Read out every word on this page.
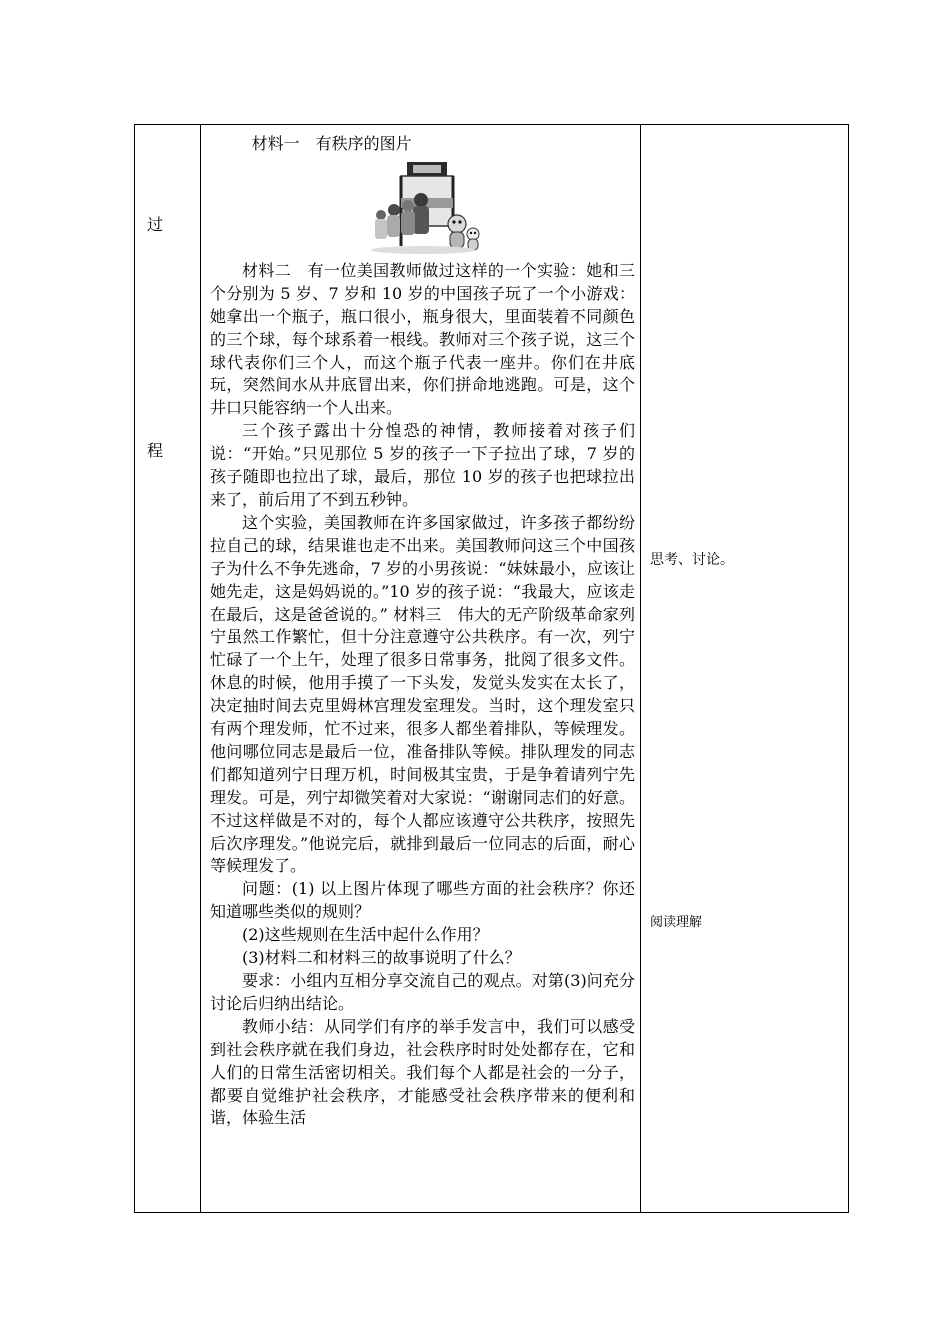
过
程

材料一　有秩序的图片

材料二　有一位美国教师做过这样的一个实验：她和三个分别为 5 岁、7 岁和 10 岁的中国孩子玩了一个小游戏：她拿出一个瓶子，瓶口很小，瓶身很大，里面装着不同颜色的三个球，每个球系着一根线。教师对三个孩子说，这三个球代表你们三个人，而这个瓶子代表一座井。你们在井底玩，突然间水从井底冒出来，你们拼命地逃跑。可是，这个井口只能容纳一个人出来。

三个孩子露出十分惶恐的神情，教师接着对孩子们说：“开始。”只见那位 5 岁的孩子一下子拉出了球，7 岁的孩子随即也拉出了球，最后，那位 10 岁的孩子也把球拉出来了，前后用了不到五秒钟。

这个实验，美国教师在许多国家做过，许多孩子都纷纷拉自己的球，结果谁也走不出来。美国教师问这三个中国孩子为什么不争先逃命，7 岁的小男孩说：“妹妹最小，应该让她先走，这是妈妈说的。”10 岁的孩子说：“我最大，应该走在最后，这是爸爸说的。” 材料三　伟大的无产阶级革命家列宁虽然工作繁忙，但十分注意遵守公共秩序。有一次，列宁忙碌了一个上午，处理了很多日常事务，批阅了很多文件。休息的时候，他用手摸了一下头发，发觉头发实在太长了，决定抽时间去克里姆林宫理发室理发。当时，这个理发室只有两个理发师，忙不过来，很多人都坐着排队，等候理发。他问哪位同志是最后一位，准备排队等候。排队理发的同志们都知道列宁日理万机，时间极其宝贵，于是争着请列宁先理发。可是，列宁却微笑着对大家说：“谢谢同志们的好意。不过这样做是不对的，每个人都应该遵守公共秩序，按照先后次序理发。”他说完后，就排到最后一位同志的后面，耐心等候理发了。

问题：(1) 以上图片体现了哪些方面的社会秩序？你还知道哪些类似的规则？

(2)这些规则在生活中起什么作用？

(3)材料二和材料三的故事说明了什么？

要求：小组内互相分享交流自己的观点。对第(3)问充分讨论后归纳出结论。

教师小结：从同学们有序的举手发言中，我们可以感受到社会秩序就在我们身边，社会秩序时时处处都存在，它和人们的日常生活密切相关。我们每个人都是社会的一分子，都要自觉维护社会秩序，才能感受社会秩序带来的便利和谐，体验生活

思考、讨论。
阅读理解
